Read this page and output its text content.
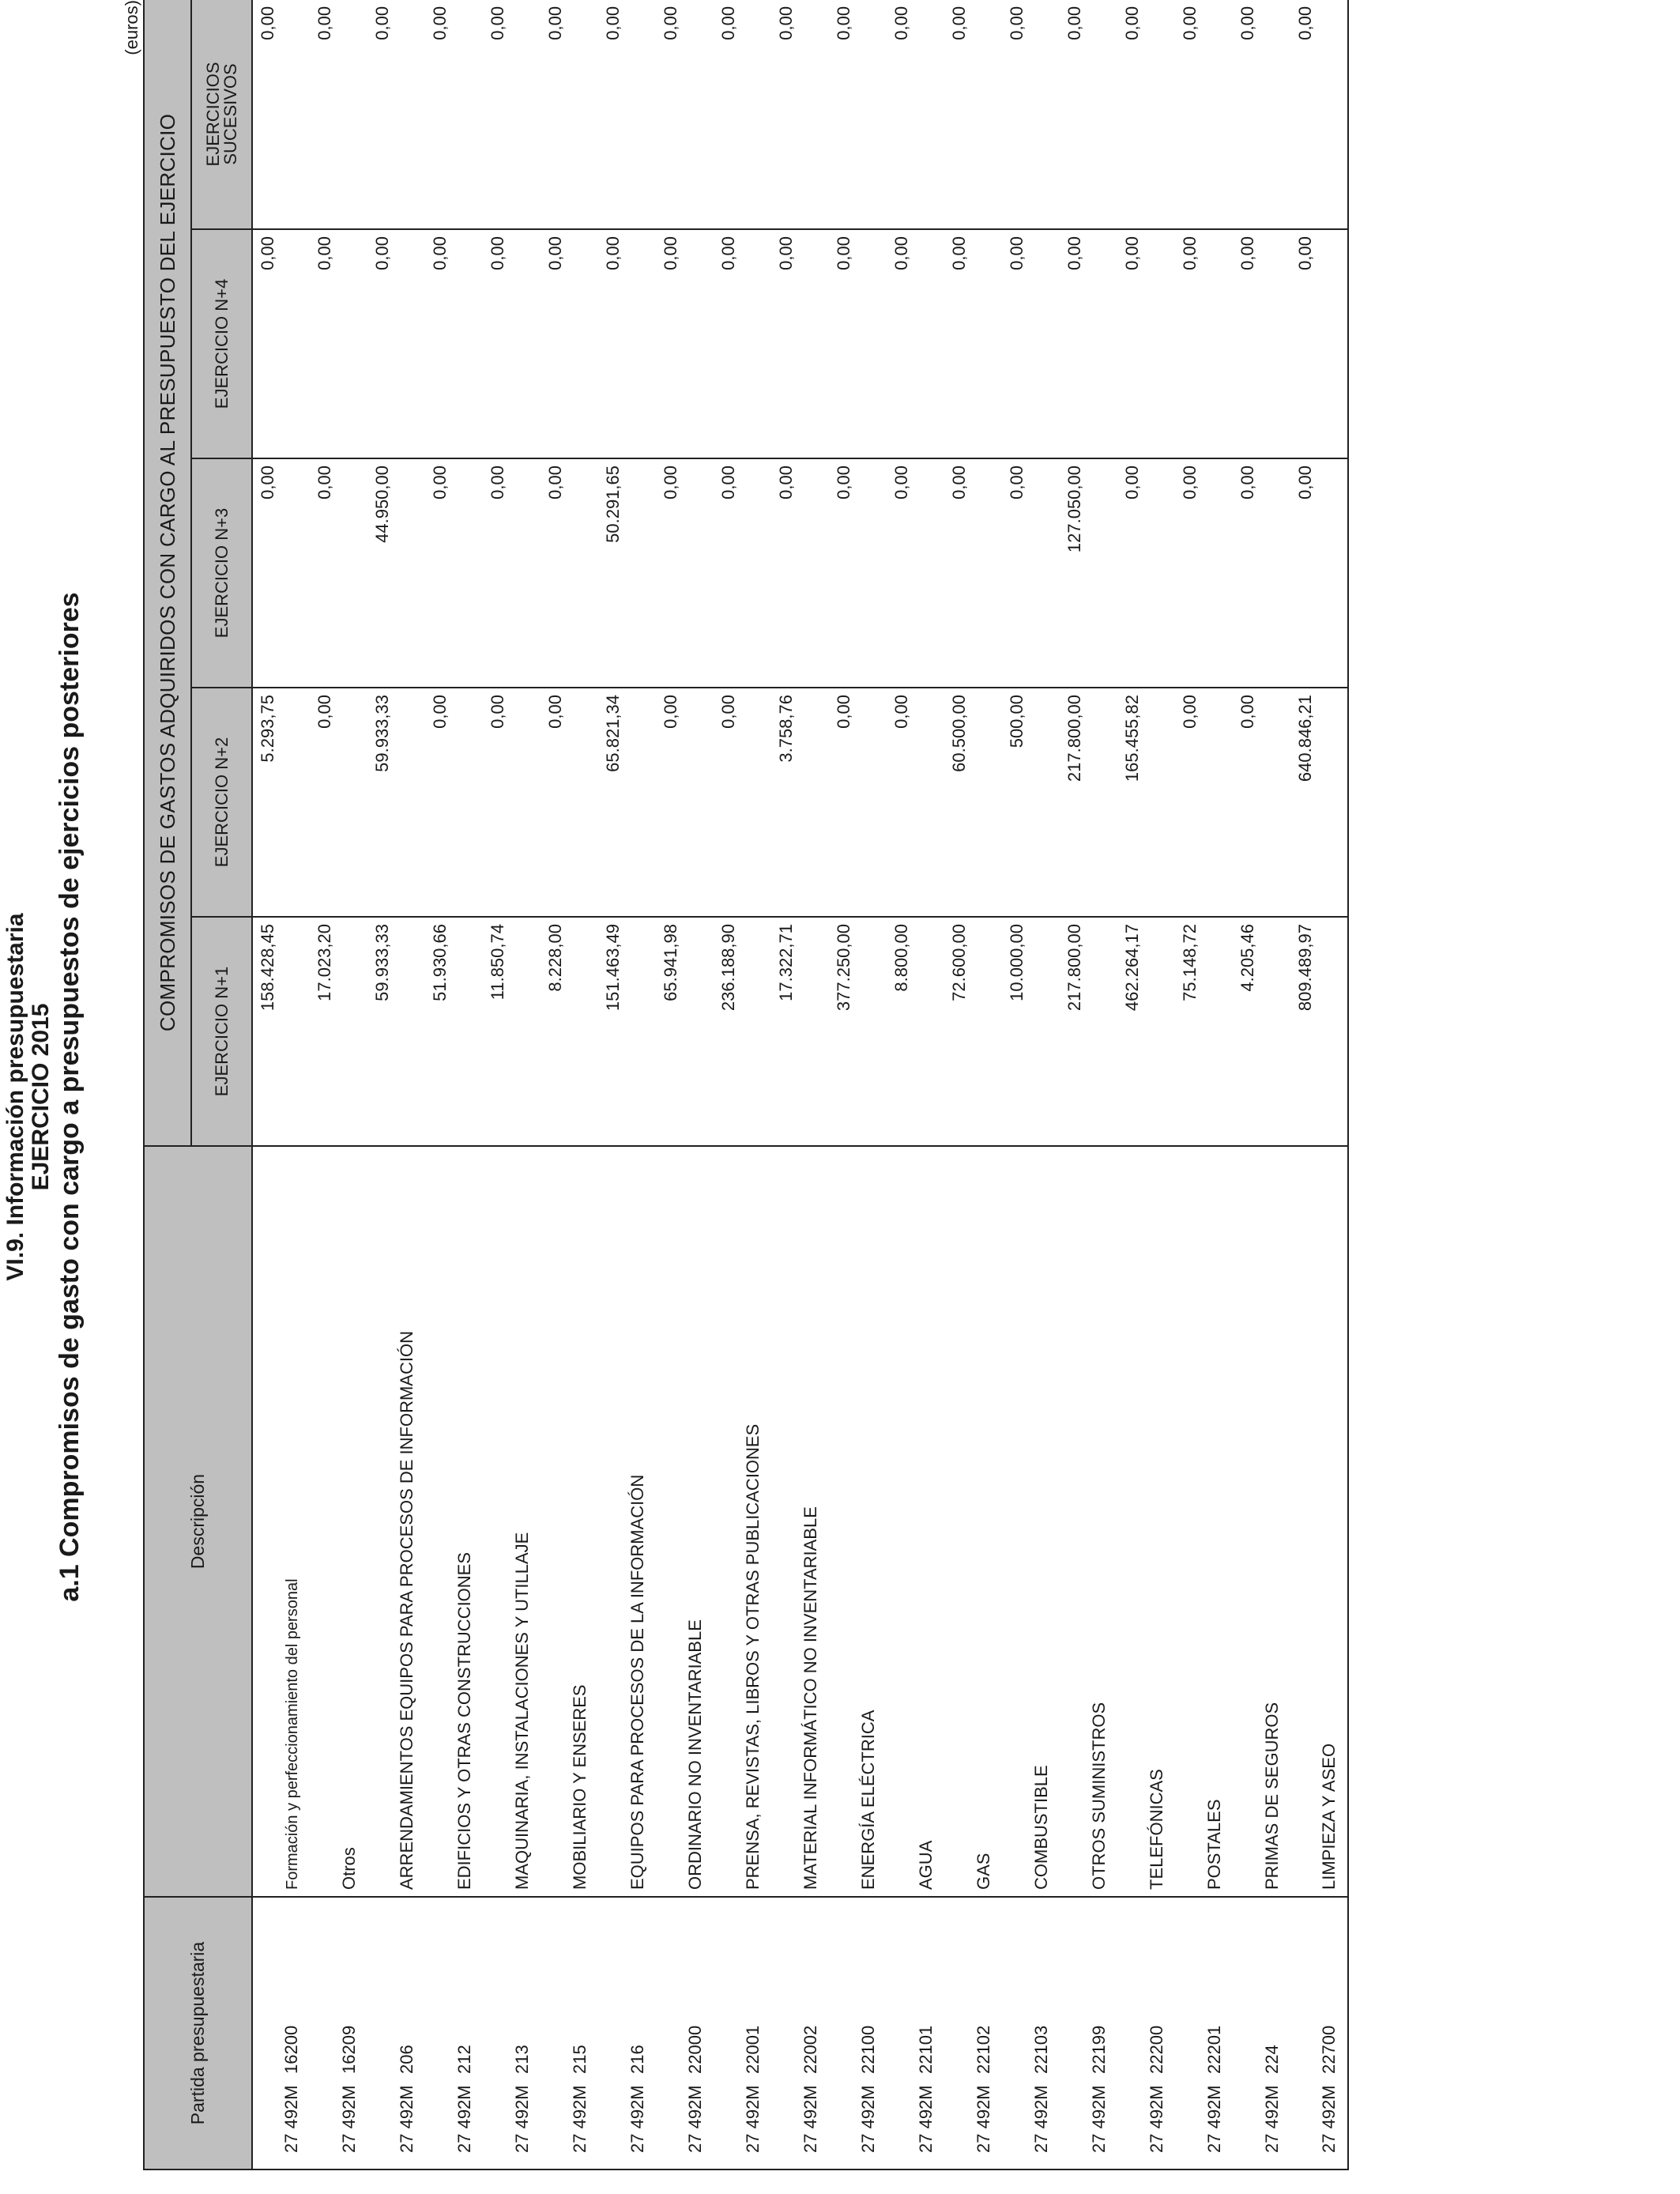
VI.9. Información presupuestaria EJERCICIO 2015 a.1 Compromisos de gasto con cargo a presupuestos de ejercicios posteriores
(euros)
Partida presupuestaria	Descripción	COMPROMISOS DE GASTOS ADQUIRIDOS CON CARGO AL PRESUPUESTO DEL EJERCICIO				
		EJERCICIO N+1	EJERCICIO N+2	EJERCICIO N+3	EJERCICIO N+4	EJERCICIOS
SUCESIVOS
27 492M16200	Formación y perfeccionamiento del personal	158.428,45	5.293,75	0,00	0,00	0,00
27 492M16209	Otros	17.023,20	0,00	0,00	0,00	0,00
27 492M206	ARRENDAMIENTOS EQUIPOS PARA PROCESOS DE INFORMACIÓN	59.933,33	59.933,33	44.950,00	0,00	0,00
27 492M212	EDIFICIOS Y OTRAS CONSTRUCCIONES	51.930,66	0,00	0,00	0,00	0,00
27 492M213	MAQUINARIA, INSTALACIONES Y UTILLAJE	11.850,74	0,00	0,00	0,00	0,00
27 492M215	MOBILIARIO Y ENSERES	8.228,00	0,00	0,00	0,00	0,00
27 492M216	EQUIPOS PARA PROCESOS DE LA INFORMACIÓN	151.463,49	65.821,34	50.291,65	0,00	0,00
27 492M22000	ORDINARIO NO INVENTARIABLE	65.941,98	0,00	0,00	0,00	0,00
27 492M22001	PRENSA, REVISTAS, LIBROS Y OTRAS PUBLICACIONES	236.188,90	0,00	0,00	0,00	0,00
27 492M22002	MATERIAL INFORMÁTICO NO INVENTARIABLE	17.322,71	3.758,76	0,00	0,00	0,00
27 492M22100	ENERGÍA ELÉCTRICA	377.250,00	0,00	0,00	0,00	0,00
27 492M22101	AGUA	8.800,00	0,00	0,00	0,00	0,00
27 492M22102	GAS	72.600,00	60.500,00	0,00	0,00	0,00
27 492M22103	COMBUSTIBLE	10.000,00	500,00	0,00	0,00	0,00
27 492M22199	OTROS SUMINISTROS	217.800,00	217.800,00	127.050,00	0,00	0,00
27 492M22200	TELEFÓNICAS	462.264,17	165.455,82	0,00	0,00	0,00
27 492M22201	POSTALES	75.148,72	0,00	0,00	0,00	0,00
27 492M224	PRIMAS DE SEGUROS	4.205,46	0,00	0,00	0,00	0,00
27 492M22700	LIMPIEZA Y ASEO	809.489,97	640.846,21	0,00	0,00	0,00
